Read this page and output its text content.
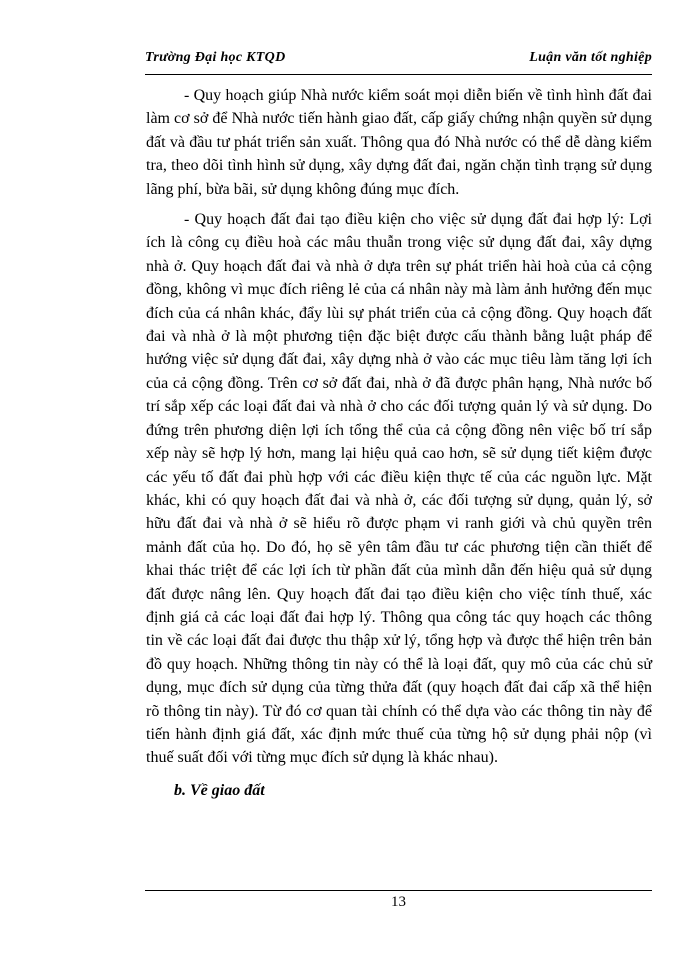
Trường Đại học KTQD	Luận văn tốt nghiệp

- Quy hoạch giúp Nhà nước kiểm soát mọi diễn biến về tình hình đất đai làm cơ sở để Nhà nước tiến hành giao đất, cấp giấy chứng nhận quyền sử dụng đất và đầu tư phát triển sản xuất. Thông qua đó Nhà nước có thể dễ dàng kiểm tra, theo dõi tình hình sử dụng, xây dựng đất đai, ngăn chặn tình trạng sử dụng lãng phí, bừa bãi, sử dụng không đúng mục đích.

- Quy hoạch đất đai tạo điều kiện cho việc sử dụng đất đai hợp lý: Lợi ích là công cụ điều hoà các mâu thuẫn trong việc sử dụng đất đai, xây dựng nhà ở. Quy hoạch đất đai và nhà ở dựa trên sự phát triển hài hoà của cả cộng đồng, không vì mục đích riêng lẻ của cá nhân này mà làm ảnh hưởng đến mục đích của cá nhân khác, đẩy lùi sự phát triển của cả cộng đồng. Quy hoạch đất đai và nhà ở là một phương tiện đặc biệt được cấu thành bằng luật pháp để hướng việc sử dụng đất đai, xây dựng nhà ở vào các mục tiêu làm tăng lợi ích của cả cộng đồng. Trên cơ sở đất đai, nhà ở đã được phân hạng, Nhà nước bố trí sắp xếp các loại đất đai và nhà ở cho các đối tượng quản lý và sử dụng. Do đứng trên phương diện lợi ích tổng thể của cả cộng đồng nên việc bố trí sắp xếp này sẽ hợp lý hơn, mang lại hiệu quả cao hơn, sẽ sử dụng tiết kiệm được các yếu tố đất đai phù hợp với các điều kiện thực tế của các nguồn lực. Mặt khác, khi có quy hoạch đất đai và nhà ở, các đối tượng sử dụng, quản lý, sở hữu đất đai và nhà ở sẽ hiểu rõ được phạm vi ranh giới và chủ quyền trên mảnh đất của họ. Do đó, họ sẽ yên tâm đầu tư các phương tiện cần thiết để khai thác triệt để các lợi ích từ phần đất của mình dẫn đến hiệu quả sử dụng đất được nâng lên. Quy hoạch đất đai tạo điều kiện cho việc tính thuế, xác định giá cả các loại đất đai hợp lý. Thông qua công tác quy hoạch các thông tin về các loại đất đai được thu thập xử lý, tổng hợp và được thể hiện trên bản đồ quy hoạch. Những thông tin này có thể là loại đất, quy mô của các chủ sử dụng, mục đích sử dụng của từng thửa đất (quy hoạch đất đai cấp xã thể hiện rõ thông tin này). Từ đó cơ quan tài chính có thể dựa vào các thông tin này để tiến hành định giá đất, xác định mức thuế của từng hộ sử dụng phải nộp (vì thuế suất đối với từng mục đích sử dụng là khác nhau).

b. Về giao đất
13
